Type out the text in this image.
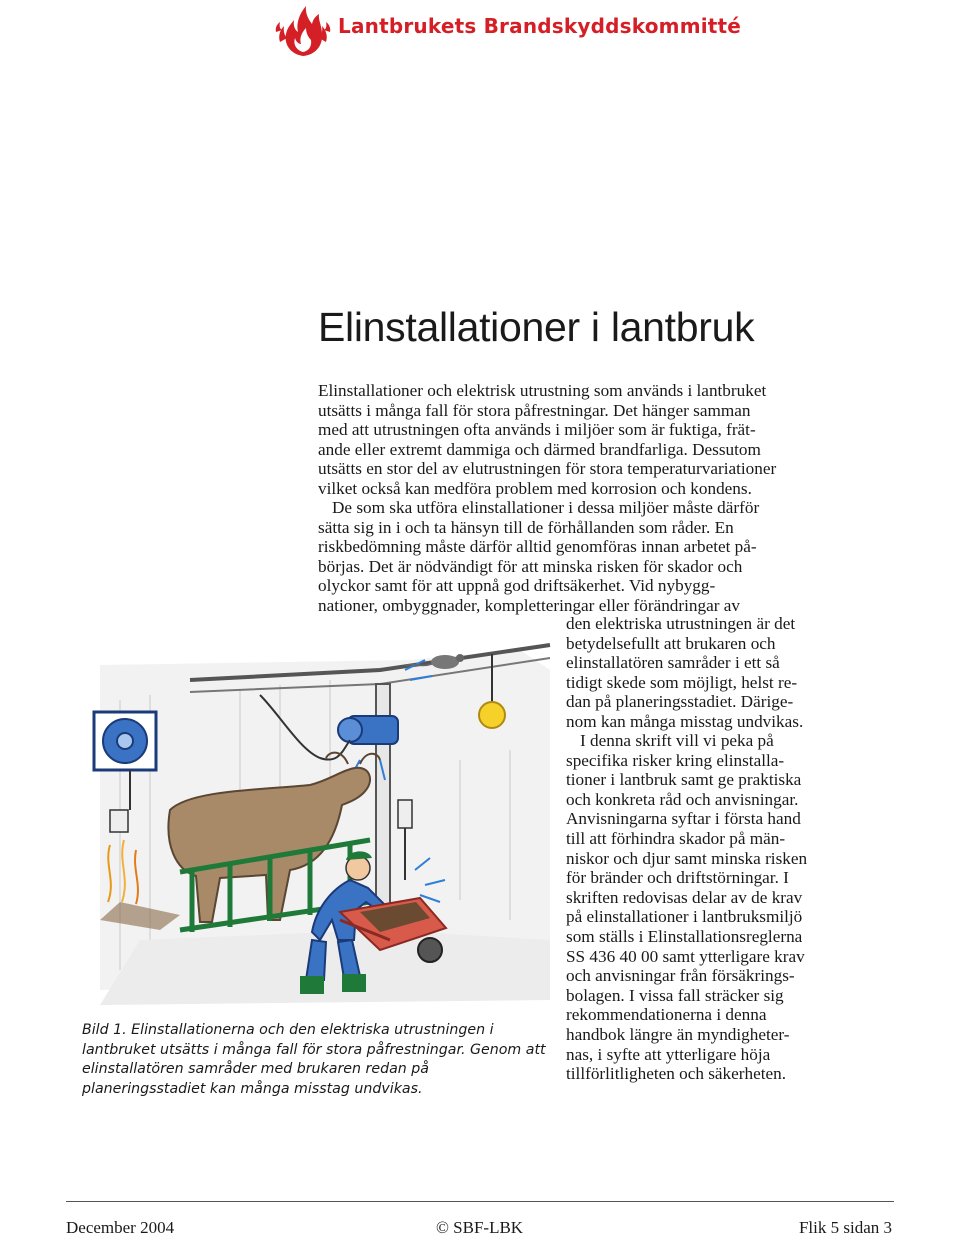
Lantbrukets Brandskyddskommitté
Elinstallationer i lantbruk
Elinstallationer och elektrisk utrustning som används i lantbruket
utsätts i många fall för stora påfrestningar. Det hänger samman
med att utrustningen ofta används i miljöer som är fuktiga, frät-
ande eller extremt dammiga och därmed brandfarliga. Dessutom
utsätts en stor del av elutrustningen för stora temperaturvariationer
vilket också kan medföra problem med korrosion och kondens.
De som ska utföra elinstallationer i dessa miljöer måste därför
sätta sig in i och ta hänsyn till de förhållanden som råder. En
riskbedömning måste därför alltid genomföras innan arbetet på-
börjas. Det är nödvändigt för att minska risken för skador och
olyckor samt för att uppnå god driftsäkerhet. Vid nybygg-
nationer, ombyggnader, kompletteringar eller förändringar av
den elektriska utrustningen är det
betydelsefullt att brukaren och
elinstallatören samråder i ett så
tidigt skede som möjligt, helst re-
dan på planeringsstadiet. Därige-
nom kan många misstag undvikas.
I denna skrift vill vi peka på
specifika risker kring elinstalla-
tioner i lantbruk samt ge praktiska
och konkreta råd och anvisningar.
Anvisningarna syftar i första hand
till att förhindra skador på män-
niskor och djur samt minska risken
för bränder och driftstörningar. I
skriften redovisas delar av de krav
på elinstallationer i lantbruksmiljö
som ställs i Elinstallationsreglerna
SS 436 40 00 samt ytterligare krav
och anvisningar från försäkrings-
bolagen. I vissa fall sträcker sig
rekommendationerna i denna
handbok längre än myndigheter-
nas, i syfte att ytterligare höja
tillförlitligheten och säkerheten.

Bild 1. Elinstallationerna och den elektriska utrustningen i lantbruket utsätts i många fall för stora påfrestningar. Genom att elinstallatören samråder med brukaren redan på planeringsstadiet kan många misstag undvikas.

December 2004	© SBF-LBK	Flik 5 sidan 3
